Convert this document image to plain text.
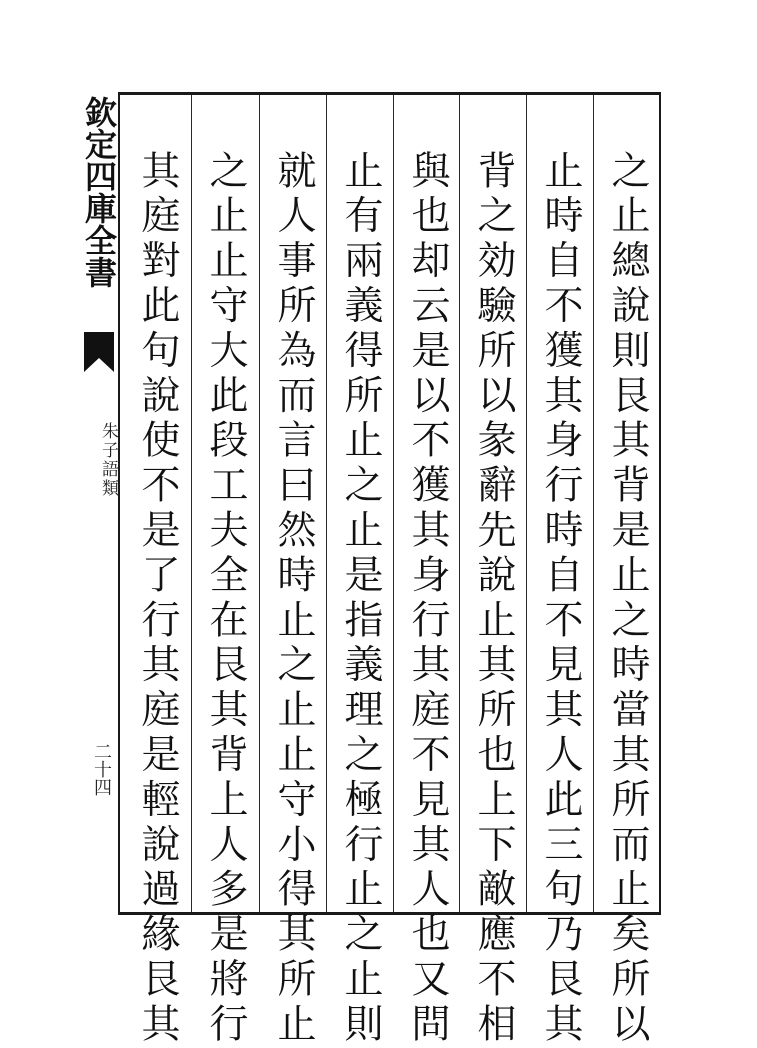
欽定四庫全書
朱子語類
二十四	之止總說則艮其背是止之時當其所而止矣所以
止時自不獲其身行時自不見其人此三句乃艮其
背之効驗所以彖辭先說止其所也上下敵應不相
與也却云是以不獲其身行其庭不見其人也又問
止有兩義得所止之止是指義理之極行止之止則
就人事所為而言曰然時止之止止守小得其所止
之止止守大此段工夫全在艮其背上人多是將行
其庭對此句說使不是了行其庭是輕說過緣艮其
